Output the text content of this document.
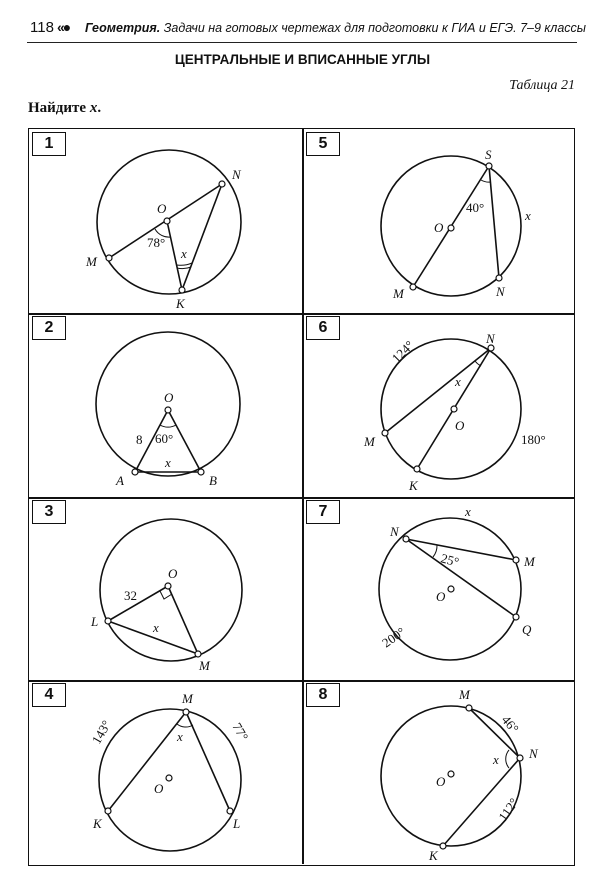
118 «● Геометрия. Задачи на готовых чертежах для подготовки к ГИА и ЕГЭ. 7–9 классы
ЦЕНТРАЛЬНЫЕ И ВПИСАННЫЕ УГЛЫ
Таблица 21
Найдите x.
O
N
M
K
78°
x
1
S
O
M	N
40°
x
5
O
A	B
8 60°
x
2
N
M
O
K
124°
180°
x
6
O
L
M
32
x
3
N
M
Q
O
25°
200°
x
7
M
K	L
O
143°	77°
x
4	M
N
K
O
46°
112°
x
8
